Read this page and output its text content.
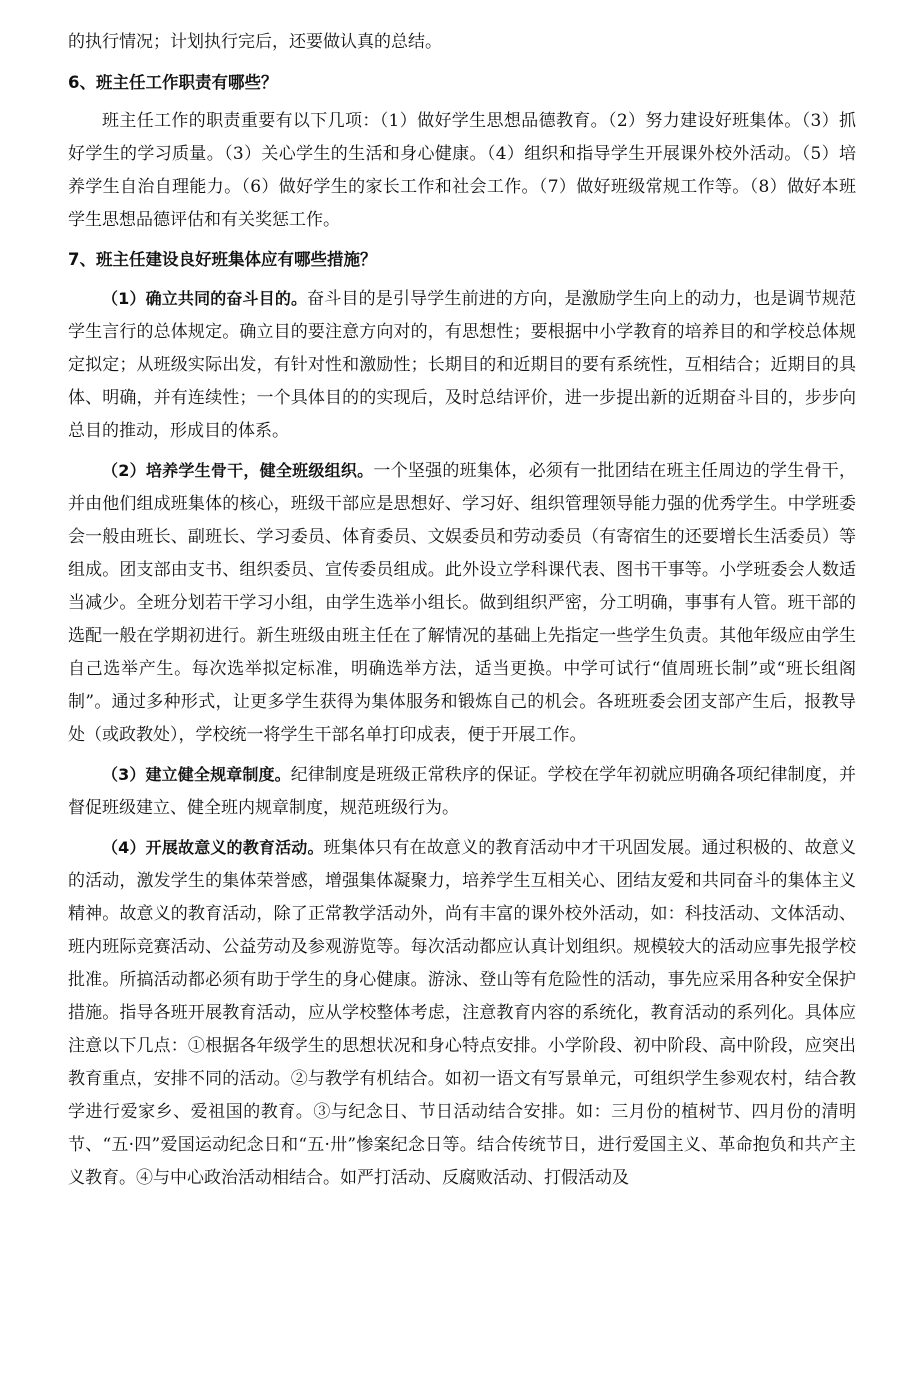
的执行情况；计划执行完后，还要做认真的总结。

6、班主任工作职责有哪些？

班主任工作的职责重要有以下几项：（1）做好学生思想品德教育。（2）努力建设好班集体。（3）抓好学生的学习质量。（3）关心学生的生活和身心健康。（4）组织和指导学生开展课外校外活动。（5）培养学生自治自理能力。（6）做好学生的家长工作和社会工作。（7）做好班级常规工作等。（8）做好本班学生思想品德评估和有关奖惩工作。

7、班主任建设良好班集体应有哪些措施？

（1）确立共同的奋斗目的。奋斗目的是引导学生前进的方向，是激励学生向上的动力，也是调节规范学生言行的总体规定。确立目的要注意方向对的，有思想性；要根据中小学教育的培养目的和学校总体规定拟定；从班级实际出发，有针对性和激励性；长期目的和近期目的要有系统性，互相结合；近期目的具体、明确，并有连续性；一个具体目的的实现后，及时总结评价，进一步提出新的近期奋斗目的，步步向总目的推动，形成目的体系。

（2）培养学生骨干，健全班级组织。一个坚强的班集体，必须有一批团结在班主任周边的学生骨干，并由他们组成班集体的核心，班级干部应是思想好、学习好、组织管理领导能力强的优秀学生。中学班委会一般由班长、副班长、学习委员、体育委员、文娱委员和劳动委员（有寄宿生的还要增长生活委员）等组成。团支部由支书、组织委员、宣传委员组成。此外设立学科课代表、图书干事等。小学班委会人数适当减少。全班分划若干学习小组，由学生选举小组长。做到组织严密，分工明确，事事有人管。班干部的选配一般在学期初进行。新生班级由班主任在了解情况的基础上先指定一些学生负责。其他年级应由学生自己选举产生。每次选举拟定标准，明确选举方法，适当更换。中学可试行“值周班长制”或“班长组阁制”。通过多种形式，让更多学生获得为集体服务和锻炼自己的机会。各班班委会团支部产生后，报教导处（或政教处），学校统一将学生干部名单打印成表，便于开展工作。

（3）建立健全规章制度。纪律制度是班级正常秩序的保证。学校在学年初就应明确各项纪律制度，并督促班级建立、健全班内规章制度，规范班级行为。

（4）开展故意义的教育活动。班集体只有在故意义的教育活动中才干巩固发展。通过积极的、故意义的活动，激发学生的集体荣誉感，增强集体凝聚力，培养学生互相关心、团结友爱和共同奋斗的集体主义精神。故意义的教育活动，除了正常教学活动外，尚有丰富的课外校外活动，如：科技活动、文体活动、班内班际竞赛活动、公益劳动及参观游览等。每次活动都应认真计划组织。规模较大的活动应事先报学校批准。所搞活动都必须有助于学生的身心健康。游泳、登山等有危险性的活动，事先应采用各种安全保护措施。指导各班开展教育活动，应从学校整体考虑，注意教育内容的系统化，教育活动的系列化。具体应注意以下几点：①根据各年级学生的思想状况和身心特点安排。小学阶段、初中阶段、高中阶段，应突出教育重点，安排不同的活动。②与教学有机结合。如初一语文有写景单元，可组织学生参观农村，结合教学进行爱家乡、爱祖国的教育。③与纪念日、节日活动结合安排。如：三月份的植树节、四月份的清明节、“五·四”爱国运动纪念日和“五·卅”惨案纪念日等。结合传统节日，进行爱国主义、革命抱负和共产主义教育。④与中心政治活动相结合。如严打活动、反腐败活动、打假活动及
